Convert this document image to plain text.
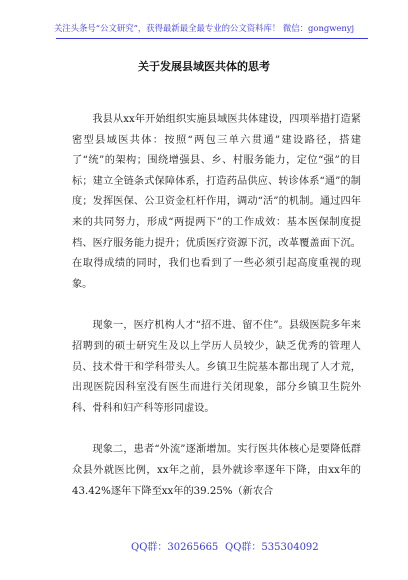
关注头条号“公文研究”，获得最新最全最专业的公文资料库！ 微信：gongwenyj
关于发展县域医共体的思考

我县从xx年开始组织实施县域医共体建设，四项举措打造紧密型县域医共体：按照“两包三单六贯通”建设路径，搭建了“统”的架构；围绕增强县、乡、村服务能力，定位“强”的目标；建立全链条式保障体系，打造药品供应、转诊体系“通”的制度；发挥医保、公卫资金杠杆作用，调动“活”的机制。通过四年来的共同努力，形成“两提两下”的工作成效：基本医保制度提档、医疗服务能力提升；优质医疗资源下沉，改革覆盖面下沉。在取得成绩的同时，我们也看到了一些必须引起高度重视的现象。

现象一，医疗机构人才“招不进、留不住”。县级医院多年来招聘到的硕士研究生及以上学历人员较少，缺乏优秀的管理人员、技术骨干和学科带头人。乡镇卫生院基本都出现了人才荒，出现医院因科室没有医生而进行关闭现象，部分乡镇卫生院外科、骨科和妇产科等形同虚设。

现象二，患者“外流”逐渐增加。实行医共体核心是要降低群众县外就医比例，xx年之前，县外就诊率逐年下降，由xx年的43.42%逐年下降至xx年的39.25%（新农合

QQ群：30265665 QQ群：535304092
